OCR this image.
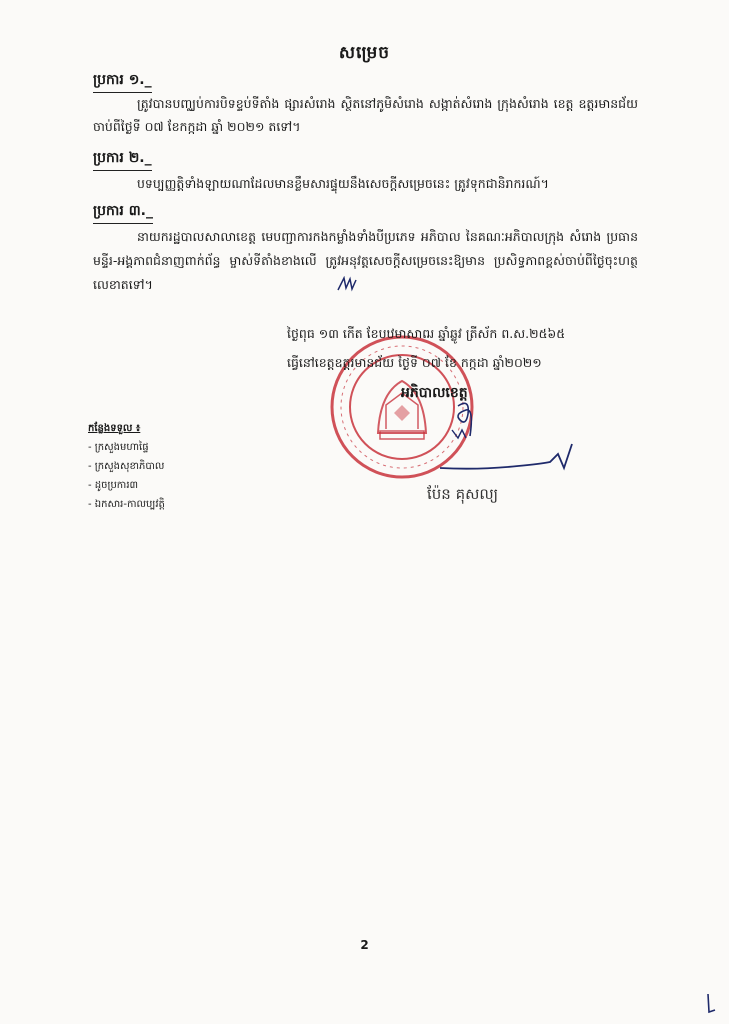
សម្រេច
ប្រការ ១._
ត្រូវបានបញ្ឈប់ការបិទខ្ទប់ទីតាំង ផ្សារសំរោង ស្ថិតនៅភូមិសំរោង សង្កាត់សំរោង ក្រុងសំរោង ខេត្ត ឧត្តរមានជ័យ ចាប់ពីថ្ងៃទី ០៧ ខែកក្កដា ឆ្នាំ ២០២១ តទៅ។
ប្រការ ២._
បទប្បញ្ញត្តិទាំងឡាយណាដែលមានខ្លឹមសារផ្ទុយនឹងសេចក្តីសម្រេចនេះ ត្រូវទុកជានិរាករណ៍។
ប្រការ ៣._
នាយករដ្ឋបាលសាលាខេត្ត មេបញ្ជាការកងកម្លាំងទាំងបីប្រភេទ អភិបាល នៃគណៈអភិបាលក្រុង សំរោង ប្រធានមន្ទីរ-អង្គភាពជំនាញពាក់ព័ន្ធ ម្ចាស់ទីតាំងខាងលើ ត្រូវអនុវត្តសេចក្តីសម្រេចនេះឱ្យមាន ប្រសិទ្ធភាពខ្ពស់ចាប់ពីថ្ងៃចុះហត្ថលេខាតទៅ។
ថ្ងៃពុធ ១៣ កើត ខែបឋមាសាឍ ឆ្នាំឆ្លូវ ត្រីស័ក ព.ស.២៥៦៥
ធ្វើនៅខេត្តឧត្តរមានជ័យ ថ្ងៃទី ០៧ ខែ កក្កដា ឆ្នាំ២០២១
អភិបាលខេត្ត
ប៉ែន គុសល្យ
កន្លែងទទួល ៖
- ក្រសួងមហាផ្ទៃ
- ក្រសួងសុខាភិបាល
- ដូចប្រការ៣
- ឯកសារ-កាលប្បវត្តិ
2
